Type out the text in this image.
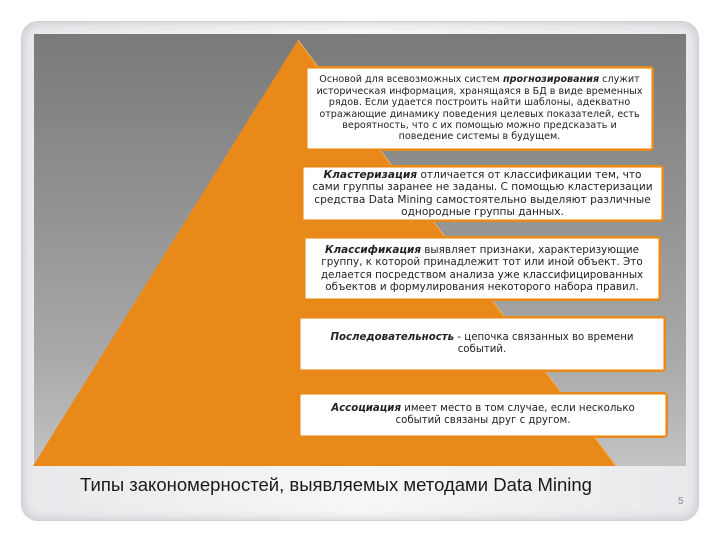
Основой для всевозможных систем прогнозирования служит историческая информация, хранящаяся в БД в виде временных рядов. Если удается построить найти шаблоны, адекватно отражающие динамику поведения целевых показателей, есть вероятность, что с их помощью можно предсказать и поведение системы в будущем.

Кластеризация отличается от классификации тем, что сами группы заранее не заданы. С помощью кластеризации средства Data Mining самостоятельно выделяют различные однородные группы данных.

Классификация выявляет признаки, характеризующие группу, к которой принадлежит тот или иной объект. Это делается посредством анализа уже классифицированных объектов и формулирования некоторого набора правил.

Последовательность - цепочка связанных во времени событий.

Ассоциация имеет место в том случае, если несколько событий связаны друг с другом.

Типы закономерностей, выявляемых методами Data Mining
5
